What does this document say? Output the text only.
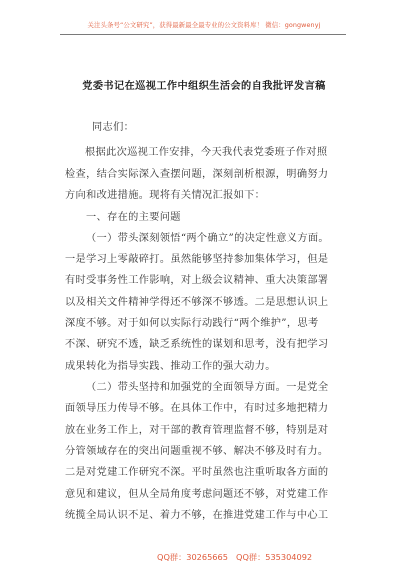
关注头条号“公文研究”，获得最新最全最专业的公文资料库！ 微信：gongwenyj
党委书记在巡视工作中组织生活会的自我批评发言稿
同志们：
根据此次巡视工作安排，今天我代表党委班子作对照
检查，结合实际深入查摆问题，深刻剖析根源，明确努力
方向和改进措施。现将有关情况汇报如下：
一、存在的主要问题
（一）带头深刻领悟“两个确立”的决定性意义方面。
一是学习上零敲碎打。虽然能够坚持参加集体学习，但是
有时受事务性工作影响，对上级会议精神、重大决策部署
以及相关文件精神学得还不够深不够透。二是思想认识上
深度不够。对于如何以实际行动践行“两个维护”，思考
不深、研究不透，缺乏系统性的谋划和思考，没有把学习
成果转化为指导实践、推动工作的强大动力。
（二）带头坚持和加强党的全面领导方面。一是党全
面领导压力传导不够。在具体工作中，有时过多地把精力
放在业务工作上，对干部的教育管理监督不够，特别是对
分管领域存在的突出问题重视不够、解决不够及时有力。
二是对党建工作研究不深。平时虽然也注重听取各方面的
意见和建议，但从全局角度考虑问题还不够，对党建工作
统揽全局认识不足、着力不够，在推进党建工作与中心工
QQ群：30265665 QQ群：535304092
